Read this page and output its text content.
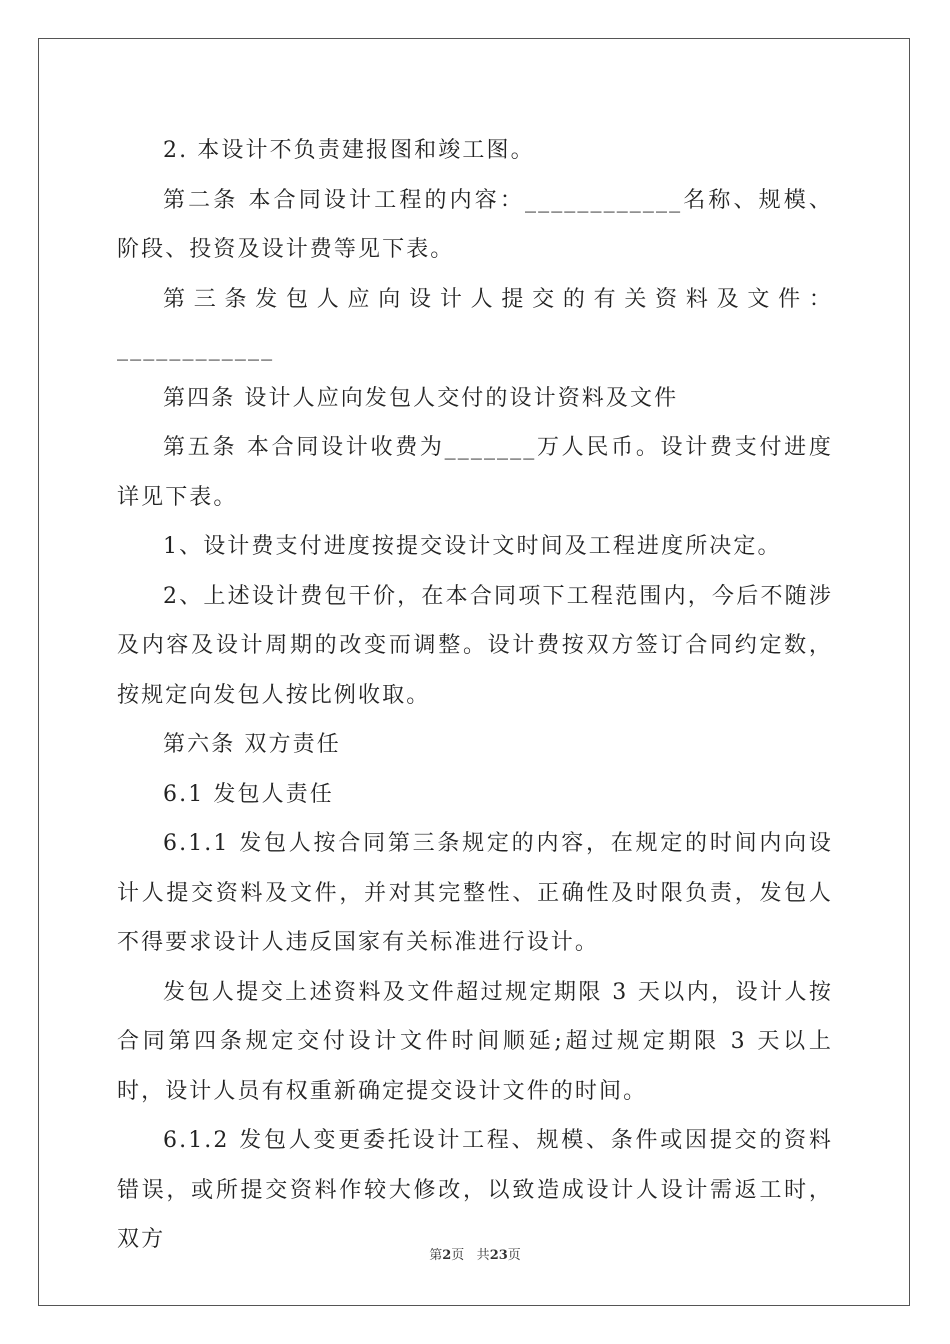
2. 本设计不负责建报图和竣工图。

第二条 本合同设计工程的内容：____________名称、规模、阶段、投资及设计费等见下表。

第三条发包人应向设计人提交的有关资料及文件：____________

第四条 设计人应向发包人交付的设计资料及文件

第五条 本合同设计收费为_______万人民币。设计费支付进度详见下表。

1、设计费支付进度按提交设计文时间及工程进度所决定。

2、上述设计费包干价，在本合同项下工程范围内，今后不随涉及内容及设计周期的改变而调整。设计费按双方签订合同约定数，按规定向发包人按比例收取。

第六条 双方责任

6.1 发包人责任

6.1.1 发包人按合同第三条规定的内容，在规定的时间内向设计人提交资料及文件，并对其完整性、正确性及时限负责，发包人不得要求设计人违反国家有关标准进行设计。

发包人提交上述资料及文件超过规定期限 3 天以内，设计人按合同第四条规定交付设计文件时间顺延;超过规定期限 3 天以上时，设计人员有权重新确定提交设计文件的时间。

6.1.2 发包人变更委托设计工程、规模、条件或因提交的资料错误，或所提交资料作较大修改，以致造成设计人设计需返工时，双方

第2页 共23页
